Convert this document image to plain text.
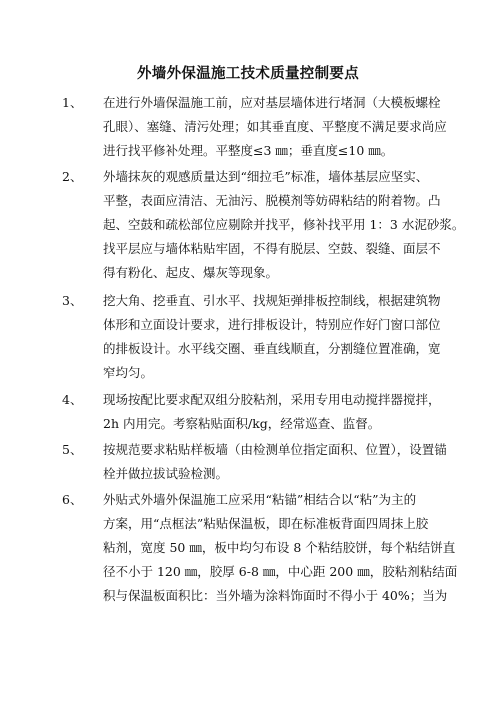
外墙外保温施工技术质量控制要点
1、	在进行外墙保温施工前，应对基层墙体进行堵洞（大模板螺栓
孔眼）、塞缝、清污处理；如其垂直度、平整度不满足要求尚应
进行找平修补处理。平整度≤3 ㎜；垂直度≤10 ㎜。
2、	外墙抹灰的观感质量达到“细拉毛”标准，墙体基层应坚实、
平整，表面应清洁、无油污、脱模剂等妨碍粘结的附着物。凸
起、空鼓和疏松部位应剔除并找平，修补找平用 1：3 水泥砂浆。
找平层应与墙体粘贴牢固，不得有脱层、空鼓、裂缝、面层不
得有粉化、起皮、爆灰等现象。
3、	挖大角、挖垂直、引水平、找规矩弹排板控制线，根据建筑物
体形和立面设计要求，进行排板设计，特别应作好门窗口部位
的排板设计。水平线交圈、垂直线顺直，分割缝位置准确，宽
窄均匀。
4、	现场按配比要求配双组分胶粘剂，采用专用电动搅拌器搅拌，
2h 内用完。考察粘贴面积/kg，经常巡查、监督。
5、	按规范要求粘贴样板墙（由检测单位指定面积、位置），设置锚
栓并做拉拔试验检测。
6、	外贴式外墙外保温施工应采用“粘锚”相结合以“粘”为主的
方案，用“点框法”粘贴保温板，即在标准板背面四周抹上胶
粘剂，宽度 50 ㎜，板中均匀布设 8 个粘结胶饼，每个粘结饼直
径不小于 120 ㎜，胶厚 6-8 ㎜，中心距 200 ㎜，胶粘剂粘结面
积与保温板面积比：当外墙为涂料饰面时不得小于 40%；当为
